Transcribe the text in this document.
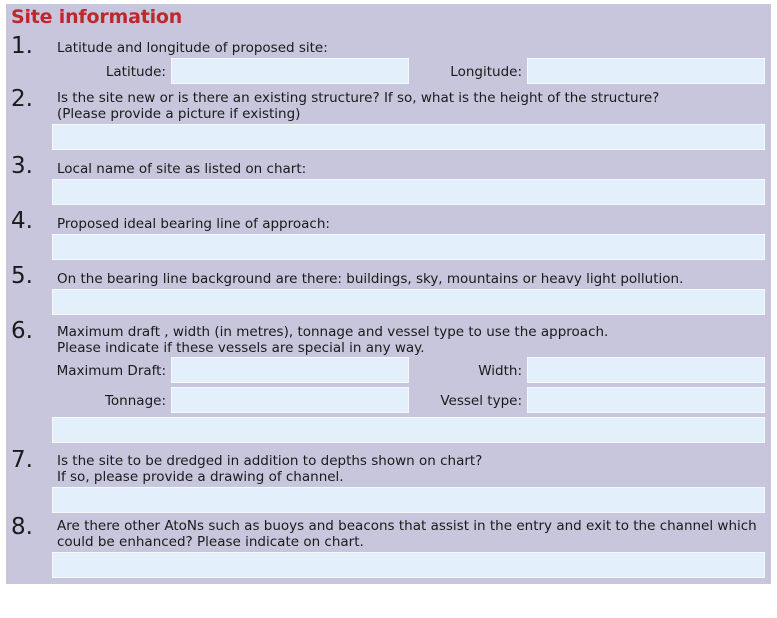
Site information
1. Latitude and longitude of proposed site:
Latitude:	Longitude:
2. Is the site new or is there an existing structure? If so, what is the height of the structure?
(Please provide a picture if existing)
3. Local name of site as listed on chart:
4. Proposed ideal bearing line of approach:
5. On the bearing line background are there: buildings, sky, mountains or heavy light pollution.
6. Maximum draft , width (in metres), tonnage and vessel type to use the approach.
Please indicate if these vessels are special in any way.
Maximum Draft:	Width:
Tonnage:	Vessel type:
7. Is the site to be dredged in addition to depths shown on chart?
If so, please provide a drawing of channel.
8. Are there other AtoNs such as buoys and beacons that assist in the entry and exit to the channel which
could be enhanced? Please indicate on chart.
